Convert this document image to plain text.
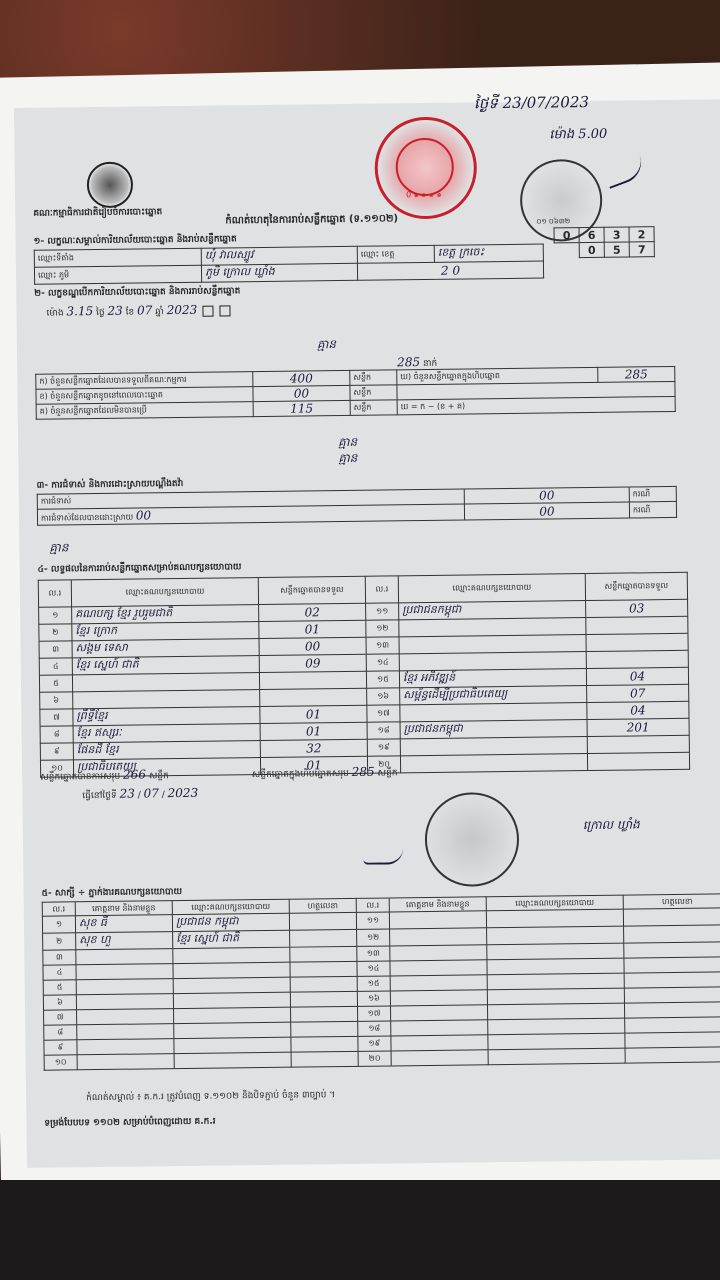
ថ្ងៃទី 23/07/2023
ម៉ោង 5.00
0 ๑ ๑ ๑ ๑
០១ ០៦៣២
គណៈកម្មាធិការជាតិរៀបចំការបោះឆ្នោត
កំណត់ហេតុនៃការរាប់សន្លឹកឆ្នោត (ទ.១១០២)
១- លក្ខណៈសម្គាល់ការិយាល័យបោះឆ្នោត និងរាប់សន្លឹកឆ្នោត	0	6	3	2
	0	5	7
ឈ្មោះទីតាំង	ឃុំ វាលស្បូវ	ឈ្មោះ ខេត្ត	ខេត្ត ក្រចេះ
ឈ្មោះ ភូមិ	ភូមិ ក្រោល ឃ្លាំង	2 0	
២- លក្ខខណ្ឌបើកការិយាល័យបោះឆ្នោត និងការរាប់សន្លឹកឆ្នោត
ម៉ោង 3.15 ថ្ងៃ 23 ខែ 07 ឆ្នាំ 2023
គ្មាន
285 នាក់
ក) ចំនួនសន្លឹកឆ្នោតដែលបានទទួលពីគណៈកម្មការ	400	សន្លឹក	ឃ) ចំនួនសន្លឹកឆ្នោតក្នុងហិបឆ្នោត	285
ខ) ចំនួនសន្លឹកឆ្នោតខូចនៅពេលបោះឆ្នោត	00	សន្លឹក		
គ) ចំនួនសន្លឹកឆ្នោតដែលមិនបានប្រើ	115	សន្លឹក	ឃ = ក − (ខ + គ)	
គ្មាន
គ្មាន
៣- ការជំទាស់ និងការដោះស្រាយបណ្តឹងតវ៉ា
ការជំទាស់	00	ករណី
ការជំទាស់ដែលបានដោះស្រាយ 00	00	ករណី
គ្មាន
៤- លទ្ធផលនៃការរាប់សន្លឹកឆ្នោតសម្រាប់គណបក្សនយោបាយ
ល.រ	ឈ្មោះគណបក្សនយោបាយ	សន្លឹកឆ្នោតបានទទួល	ល.រ	ឈ្មោះគណបក្សនយោបាយ	សន្លឹកឆ្នោតបានទទួល
១	គណបក្ស ខ្មែរ រួបរួមជាតិ	02	១១	ប្រជាជនកម្ពុជា	03
២	ខ្មែរ ក្រោក	01	១២		
៣	សង្គម ទេសា	00	១៣		
៤	ខ្មែរ ស្នេហ៍ ជាតិ	09	១៤		
៥			១៥	ខ្មែរ អភិវឌ្ឍន៍	04
៦			១៦	សម្ព័ន្ធដើម្បីប្រជាធិបតេយ្យ	07
៧	ព្រឹទ្ធីខ្មែរ	01	១៧		04
៨	ខ្មែរ ឥស្សរៈ	01	១៨	ប្រជាជនកម្ពុជា	201
៩	ផែនដី ខ្មែរ	32	១៩		
១០	ប្រជាធិបតេយ្យ	01	២០		
សន្លឹកឆ្នោតបានការសរុប 266 សន្លឹក                             សន្លឹកឆ្នោតក្នុងហិបឆ្នោតសរុប 285 សន្លឹក
ធ្វើនៅថ្ងៃទី 23 / 07 / 2023
ក្រោល ឃ្លាំង
៥- សាក្សី ÷ ភ្នាក់ងារគណបក្សនយោបាយ
ល.រ	គោត្តនាម និងនាមខ្លួន	ឈ្មោះគណបក្សនយោបាយ	ហត្ថលេខា	ល.រ	គោត្តនាម និងនាមខ្លួន	ឈ្មោះគណបក្សនយោបាយ	ហត្ថលេខា
១	សុខ ធី	ប្រជាជន កម្ពុជា		១១			
២	សុខ ហួ	ខ្មែរ ស្នេហ៍ ជាតិ		១២			
៣				១៣			
៤				១៤			
៥				១៥			
៦				១៦			
៧				១៧			
៨				១៨			
៩				១៩			
១០				២០			
កំណត់សម្គាល់ ៖ គ.ក.រ ត្រូវបំពេញ ទ.១១០២ និងបិទភ្ជាប់ ចំនួន ៣ច្បាប់ ។
ទម្រង់បែបបទ ១១០២ សម្រាប់បំពេញដោយ គ.ក.រ
